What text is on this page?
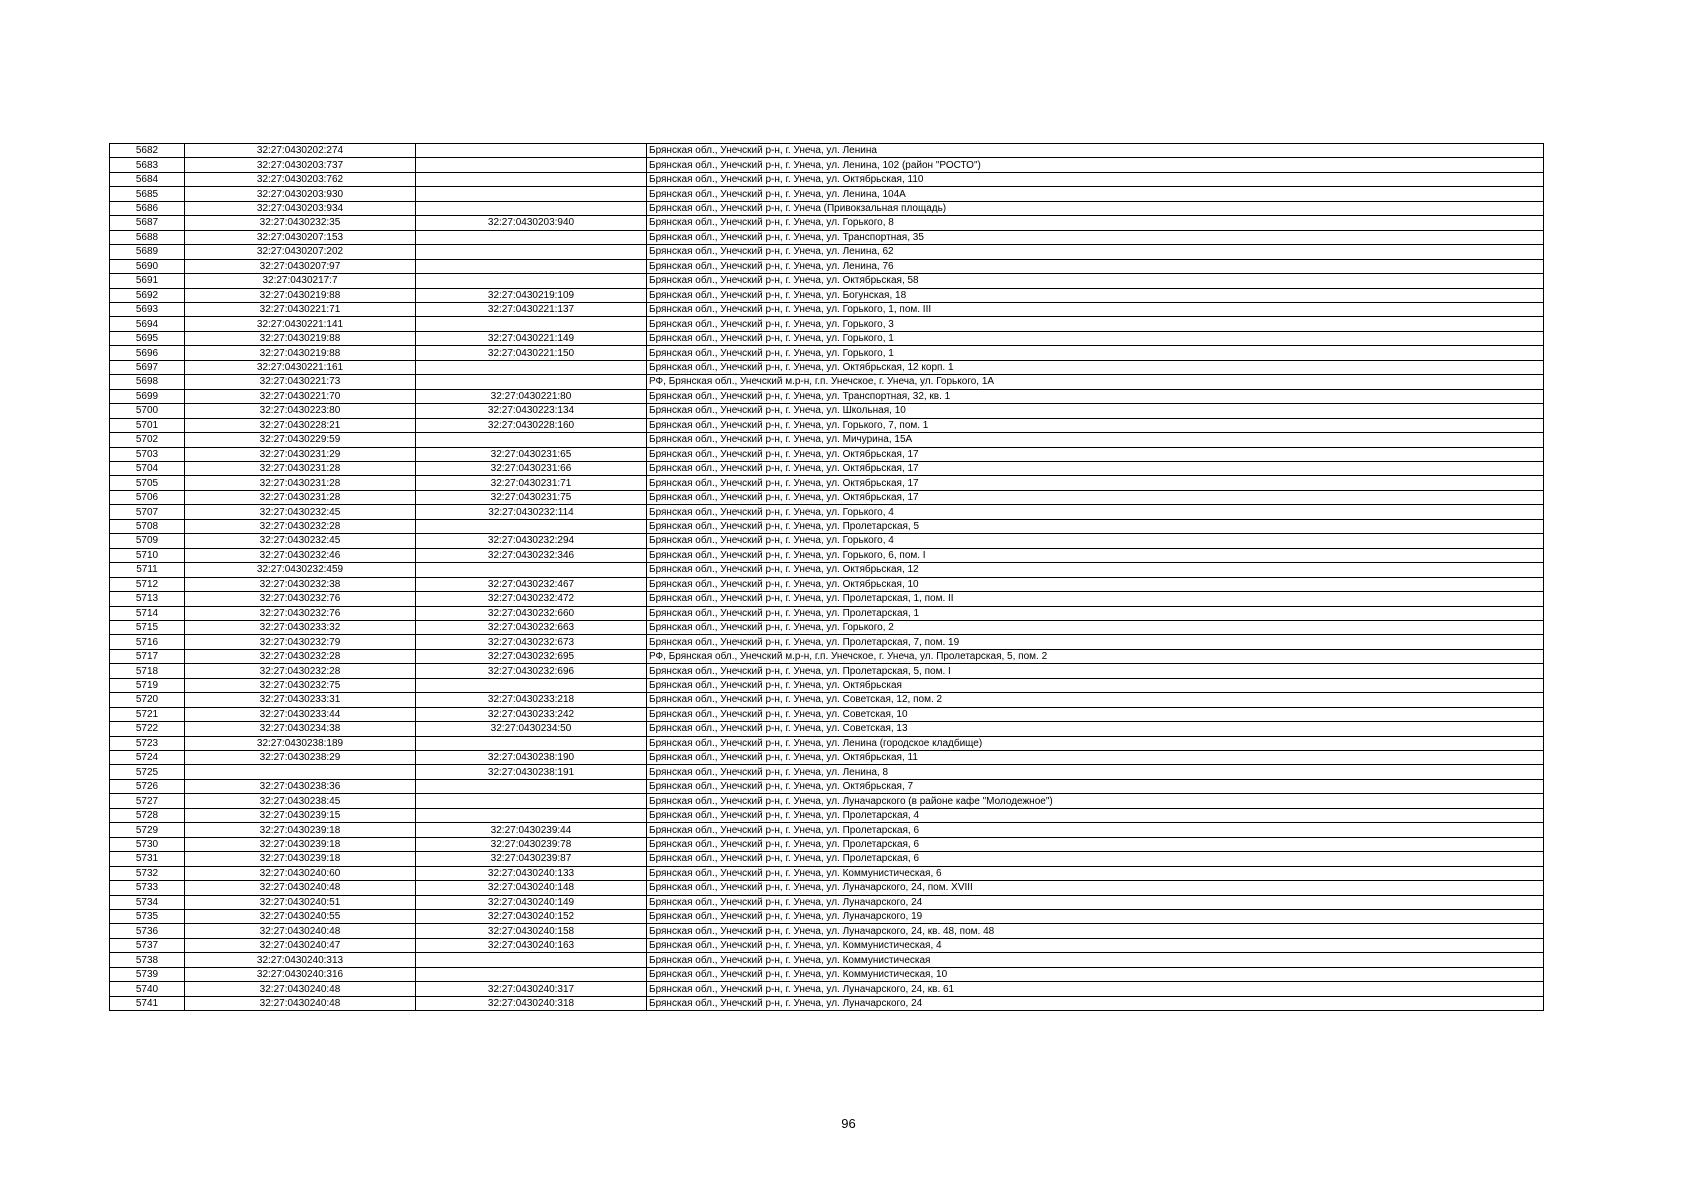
5682	32:27:0430202:274		Брянская обл., Унечский р-н, г. Унеча, ул. Ленина
5683	32:27:0430203:737		Брянская обл., Унечский р-н, г. Унеча, ул. Ленина, 102 (район "РОСТО")
5684	32:27:0430203:762		Брянская обл., Унечский р-н, г. Унеча, ул. Октябрьская, 110
5685	32:27:0430203:930		Брянская обл., Унечский р-н, г. Унеча, ул. Ленина, 104А
5686	32:27:0430203:934		Брянская обл., Унечский р-н, г. Унеча (Привокзальная площадь)
5687	32:27:0430232:35	32:27:0430203:940	Брянская обл., Унечский р-н, г. Унеча, ул. Горького, 8
5688	32:27:0430207:153		Брянская обл., Унечский р-н, г. Унеча, ул. Транспортная, 35
5689	32:27:0430207:202		Брянская обл., Унечский р-н, г. Унеча, ул. Ленина, 62
5690	32:27:0430207:97		Брянская обл., Унечский р-н, г. Унеча, ул. Ленина, 76
5691	32:27:0430217:7		Брянская обл., Унечский р-н, г. Унеча, ул. Октябрьская, 58
5692	32:27:0430219:88	32:27:0430219:109	Брянская обл., Унечский р-н, г. Унеча, ул. Богунская, 18
5693	32:27:0430221:71	32:27:0430221:137	Брянская обл., Унечский р-н, г. Унеча, ул. Горького, 1, пом. III
5694	32:27:0430221:141		Брянская обл., Унечский р-н, г. Унеча, ул. Горького, 3
5695	32:27:0430219:88	32:27:0430221:149	Брянская обл., Унечский р-н, г. Унеча, ул. Горького, 1
5696	32:27:0430219:88	32:27:0430221:150	Брянская обл., Унечский р-н, г. Унеча, ул. Горького, 1
5697	32:27:0430221:161		Брянская обл., Унечский р-н, г. Унеча, ул. Октябрьская, 12 корп. 1
5698	32:27:0430221:73		РФ, Брянская обл., Унечский м.р-н, г.п. Унечское, г. Унеча, ул. Горького, 1А
5699	32:27:0430221:70	32:27:0430221:80	Брянская обл., Унечский р-н, г. Унеча, ул. Транспортная, 32, кв. 1
5700	32:27:0430223:80	32:27:0430223:134	Брянская обл., Унечский р-н, г. Унеча, ул. Школьная, 10
5701	32:27:0430228:21	32:27:0430228:160	Брянская обл., Унечский р-н, г. Унеча, ул. Горького, 7, пом. 1
5702	32:27:0430229:59		Брянская обл., Унечский р-н, г. Унеча, ул. Мичурина, 15А
5703	32:27:0430231:29	32:27:0430231:65	Брянская обл., Унечский р-н, г. Унеча, ул. Октябрьская, 17
5704	32:27:0430231:28	32:27:0430231:66	Брянская обл., Унечский р-н, г. Унеча, ул. Октябрьская, 17
5705	32:27:0430231:28	32:27:0430231:71	Брянская обл., Унечский р-н, г. Унеча, ул. Октябрьская, 17
5706	32:27:0430231:28	32:27:0430231:75	Брянская обл., Унечский р-н, г. Унеча, ул. Октябрьская, 17
5707	32:27:0430232:45	32:27:0430232:114	Брянская обл., Унечский р-н, г. Унеча, ул. Горького, 4
5708	32:27:0430232:28		Брянская обл., Унечский р-н, г. Унеча, ул. Пролетарская, 5
5709	32:27:0430232:45	32:27:0430232:294	Брянская обл., Унечский р-н, г. Унеча, ул. Горького, 4
5710	32:27:0430232:46	32:27:0430232:346	Брянская обл., Унечский р-н, г. Унеча, ул. Горького, 6, пом. I
5711	32:27:0430232:459		Брянская обл., Унечский р-н, г. Унеча, ул. Октябрьская, 12
5712	32:27:0430232:38	32:27:0430232:467	Брянская обл., Унечский р-н, г. Унеча, ул. Октябрьская, 10
5713	32:27:0430232:76	32:27:0430232:472	Брянская обл., Унечский р-н, г. Унеча, ул. Пролетарская, 1, пом. II
5714	32:27:0430232:76	32:27:0430232:660	Брянская обл., Унечский р-н, г. Унеча, ул. Пролетарская, 1
5715	32:27:0430233:32	32:27:0430232:663	Брянская обл., Унечский р-н, г. Унеча, ул. Горького, 2
5716	32:27:0430232:79	32:27:0430232:673	Брянская обл., Унечский р-н, г. Унеча, ул. Пролетарская, 7, пом. 19
5717	32:27:0430232:28	32:27:0430232:695	РФ, Брянская обл., Унечский м.р-н, г.п. Унечское, г. Унеча, ул. Пролетарская, 5, пом. 2
5718	32:27:0430232:28	32:27:0430232:696	Брянская обл., Унечский р-н, г. Унеча, ул. Пролетарская, 5, пом. I
5719	32:27:0430232:75		Брянская обл., Унечский р-н, г. Унеча, ул. Октябрьская
5720	32:27:0430233:31	32:27:0430233:218	Брянская обл., Унечский р-н, г. Унеча, ул. Советская, 12, пом. 2
5721	32:27:0430233:44	32:27:0430233:242	Брянская обл., Унечский р-н, г. Унеча, ул. Советская, 10
5722	32:27:0430234:38	32:27:0430234:50	Брянская обл., Унечский р-н, г. Унеча, ул. Советская, 13
5723	32:27:0430238:189		Брянская обл., Унечский р-н, г. Унеча, ул. Ленина (городское кладбище)
5724	32:27:0430238:29	32:27:0430238:190	Брянская обл., Унечский р-н, г. Унеча, ул. Октябрьская, 11
5725		32:27:0430238:191	Брянская обл., Унечский р-н, г. Унеча, ул. Ленина, 8
5726	32:27:0430238:36		Брянская обл., Унечский р-н, г. Унеча, ул. Октябрьская, 7
5727	32:27:0430238:45		Брянская обл., Унечский р-н, г. Унеча, ул. Луначарского (в районе кафе "Молодежное")
5728	32:27:0430239:15		Брянская обл., Унечский р-н, г. Унеча, ул. Пролетарская, 4
5729	32:27:0430239:18	32:27:0430239:44	Брянская обл., Унечский р-н, г. Унеча, ул. Пролетарская, 6
5730	32:27:0430239:18	32:27:0430239:78	Брянская обл., Унечский р-н, г. Унеча, ул. Пролетарская, 6
5731	32:27:0430239:18	32:27:0430239:87	Брянская обл., Унечский р-н, г. Унеча, ул. Пролетарская, 6
5732	32:27:0430240:60	32:27:0430240:133	Брянская обл., Унечский р-н, г. Унеча, ул. Коммунистическая, 6
5733	32:27:0430240:48	32:27:0430240:148	Брянская обл., Унечский р-н, г. Унеча, ул. Луначарского, 24, пом. XVIII
5734	32:27:0430240:51	32:27:0430240:149	Брянская обл., Унечский р-н, г. Унеча, ул. Луначарского, 24
5735	32:27:0430240:55	32:27:0430240:152	Брянская обл., Унечский р-н, г. Унеча, ул. Луначарского, 19
5736	32:27:0430240:48	32:27:0430240:158	Брянская обл., Унечский р-н, г. Унеча, ул. Луначарского, 24, кв. 48, пом. 48
5737	32:27:0430240:47	32:27:0430240:163	Брянская обл., Унечский р-н, г. Унеча, ул. Коммунистическая, 4
5738	32:27:0430240:313		Брянская обл., Унечский р-н, г. Унеча, ул. Коммунистическая
5739	32:27:0430240:316		Брянская обл., Унечский р-н, г. Унеча, ул. Коммунистическая, 10
5740	32:27:0430240:48	32:27:0430240:317	Брянская обл., Унечский р-н, г. Унеча, ул. Луначарского, 24, кв. 61
5741	32:27:0430240:48	32:27:0430240:318	Брянская обл., Унечский р-н, г. Унеча, ул. Луначарского, 24
96
